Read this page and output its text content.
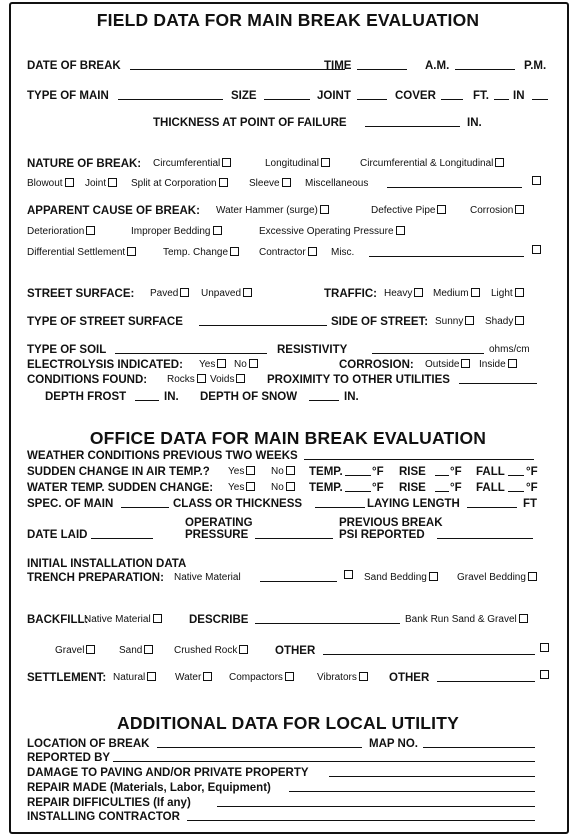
FIELD DATA FOR MAIN BREAK EVALUATION
DATE OF BREAK	TIME	A.M.	P.M.
TYPE OF MAIN	SIZE	JOINT	COVER	FT. IN
THICKNESS AT POINT OF FAILURE	IN.
NATURE OF BREAK: Circumferential	Longitudinal	Circumferential & Longitudinal
Blowout	Joint	Split at Corporation	Sleeve	Miscellaneous
APPARENT CAUSE OF BREAK: Water Hammer (surge)	Defective Pipe	Corrosion
Deterioration	Improper Bedding	Excessive Operating Pressure
Differential Settlement	Temp. Change	Contractor	Misc.
STREET SURFACE: Paved	Unpaved	TRAFFIC: Heavy	Medium	Light
TYPE OF STREET SURFACE	SIDE OF STREET: Sunny	Shady
TYPE OF SOIL	RESISTIVITY	ohms/cm
ELECTROLYSIS INDICATED: Yes	No	CORROSION: Outside	Inside
CONDITIONS FOUND: Rocks	Voids	PROXIMITY TO OTHER UTILITIES
DEPTH FROST	IN. DEPTH OF SNOW	IN.
OFFICE DATA FOR MAIN BREAK EVALUATION
WEATHER CONDITIONS PREVIOUS TWO WEEKS
SUDDEN CHANGE IN AIR TEMP.? Yes	No	TEMP.	°F RISE °F FALL °F
WATER TEMP. SUDDEN CHANGE: Yes	No	TEMP.	°F RISE °F FALL °F
SPEC. OF MAIN	CLASS OR THICKNESS	LAYING LENGTH	FT
OPERATING	PREVIOUS BREAK
DATE LAID	PRESSURE	PSI REPORTED
INITIAL INSTALLATION DATA
TRENCH PREPARATION: Native Material	Sand Bedding	Gravel Bedding
BACKFILL:
Native Material	DESCRIBE	Bank Run Sand & Gravel
Gravel	Sand	Crushed Rock	OTHER
SETTLEMENT: Natural	Water	Compactors	Vibrators	OTHER
ADDITIONAL DATA FOR LOCAL UTILITY
LOCATION OF BREAK	MAP NO.
REPORTED BY
DAMAGE TO PAVING AND/OR PRIVATE PROPERTY
REPAIR MADE (Materials, Labor, Equipment)
REPAIR DIFFICULTIES (If any)
INSTALLING CONTRACTOR
